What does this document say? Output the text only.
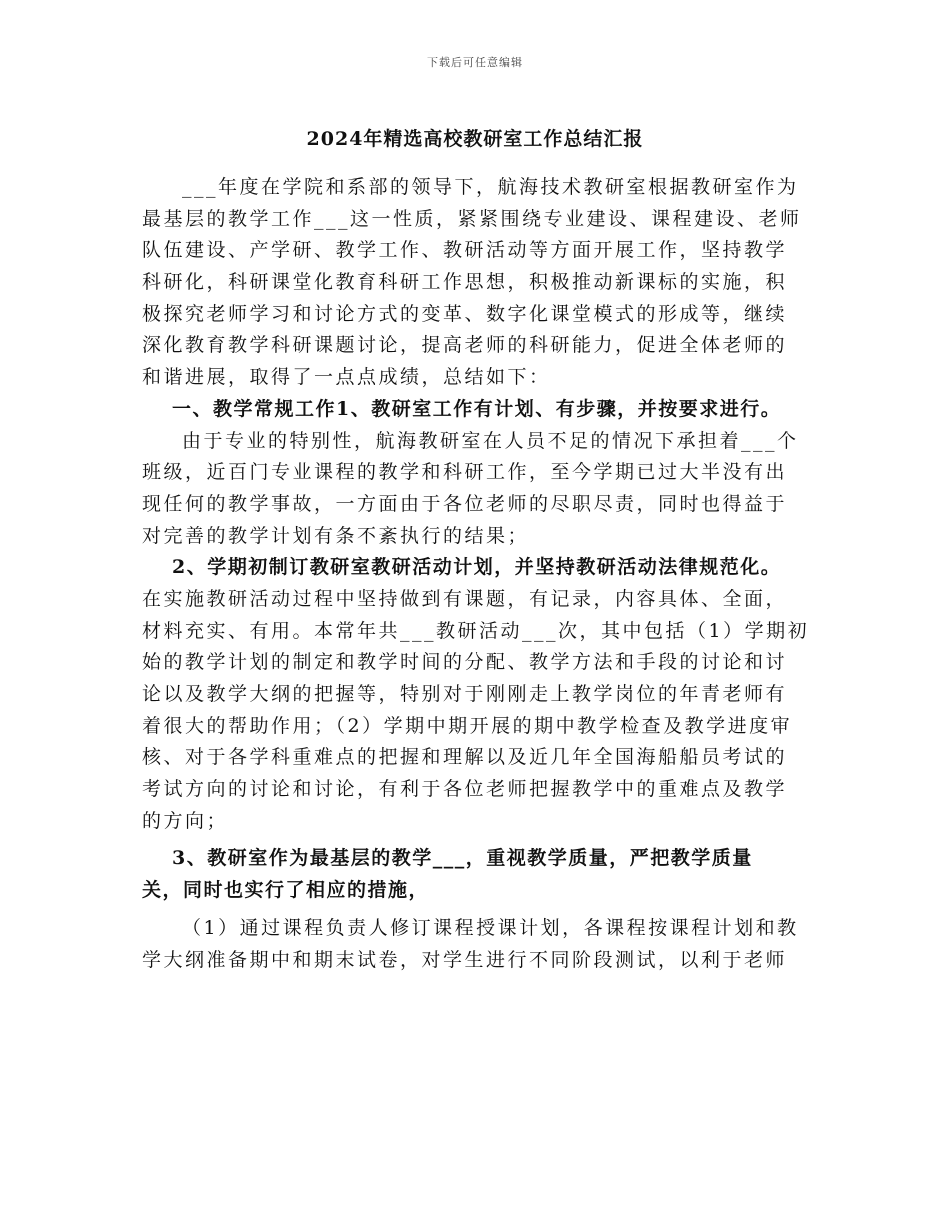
下载后可任意编辑
2024年精选高校教研室工作总结汇报
___年度在学院和系部的领导下，航海技术教研室根据教研室作为
最基层的教学工作___这一性质，紧紧围绕专业建设、课程建设、老师
队伍建设、产学研、教学工作、教研活动等方面开展工作，坚持教学
科研化，科研课堂化教育科研工作思想，积极推动新课标的实施，积
极探究老师学习和讨论方式的变革、数字化课堂模式的形成等，继续
深化教育教学科研课题讨论，提高老师的科研能力，促进全体老师的
和谐进展，取得了一点点成绩，总结如下：
一、教学常规工作1、教研室工作有计划、有步骤，并按要求进行。
由于专业的特别性，航海教研室在人员不足的情况下承担着___个
班级，近百门专业课程的教学和科研工作，至今学期已过大半没有出
现任何的教学事故，一方面由于各位老师的尽职尽责，同时也得益于
对完善的教学计划有条不紊执行的结果；
2、学期初制订教研室教研活动计划，并坚持教研活动法律规范化。
在实施教研活动过程中坚持做到有课题，有记录，内容具体、全面，
材料充实、有用。本常年共___教研活动___次，其中包括（1）学期初
始的教学计划的制定和教学时间的分配、教学方法和手段的讨论和讨
论以及教学大纲的把握等，特别对于刚刚走上教学岗位的年青老师有
着很大的帮助作用；（2）学期中期开展的期中教学检查及教学进度审
核、对于各学科重难点的把握和理解以及近几年全国海船船员考试的
考试方向的讨论和讨论，有利于各位老师把握教学中的重难点及教学
的方向；
3、教研室作为最基层的教学___，重视教学质量，严把教学质量
关，同时也实行了相应的措施，
（1）通过课程负责人修订课程授课计划，各课程按课程计划和教
学大纲准备期中和期末试卷，对学生进行不同阶段测试，以利于老师
